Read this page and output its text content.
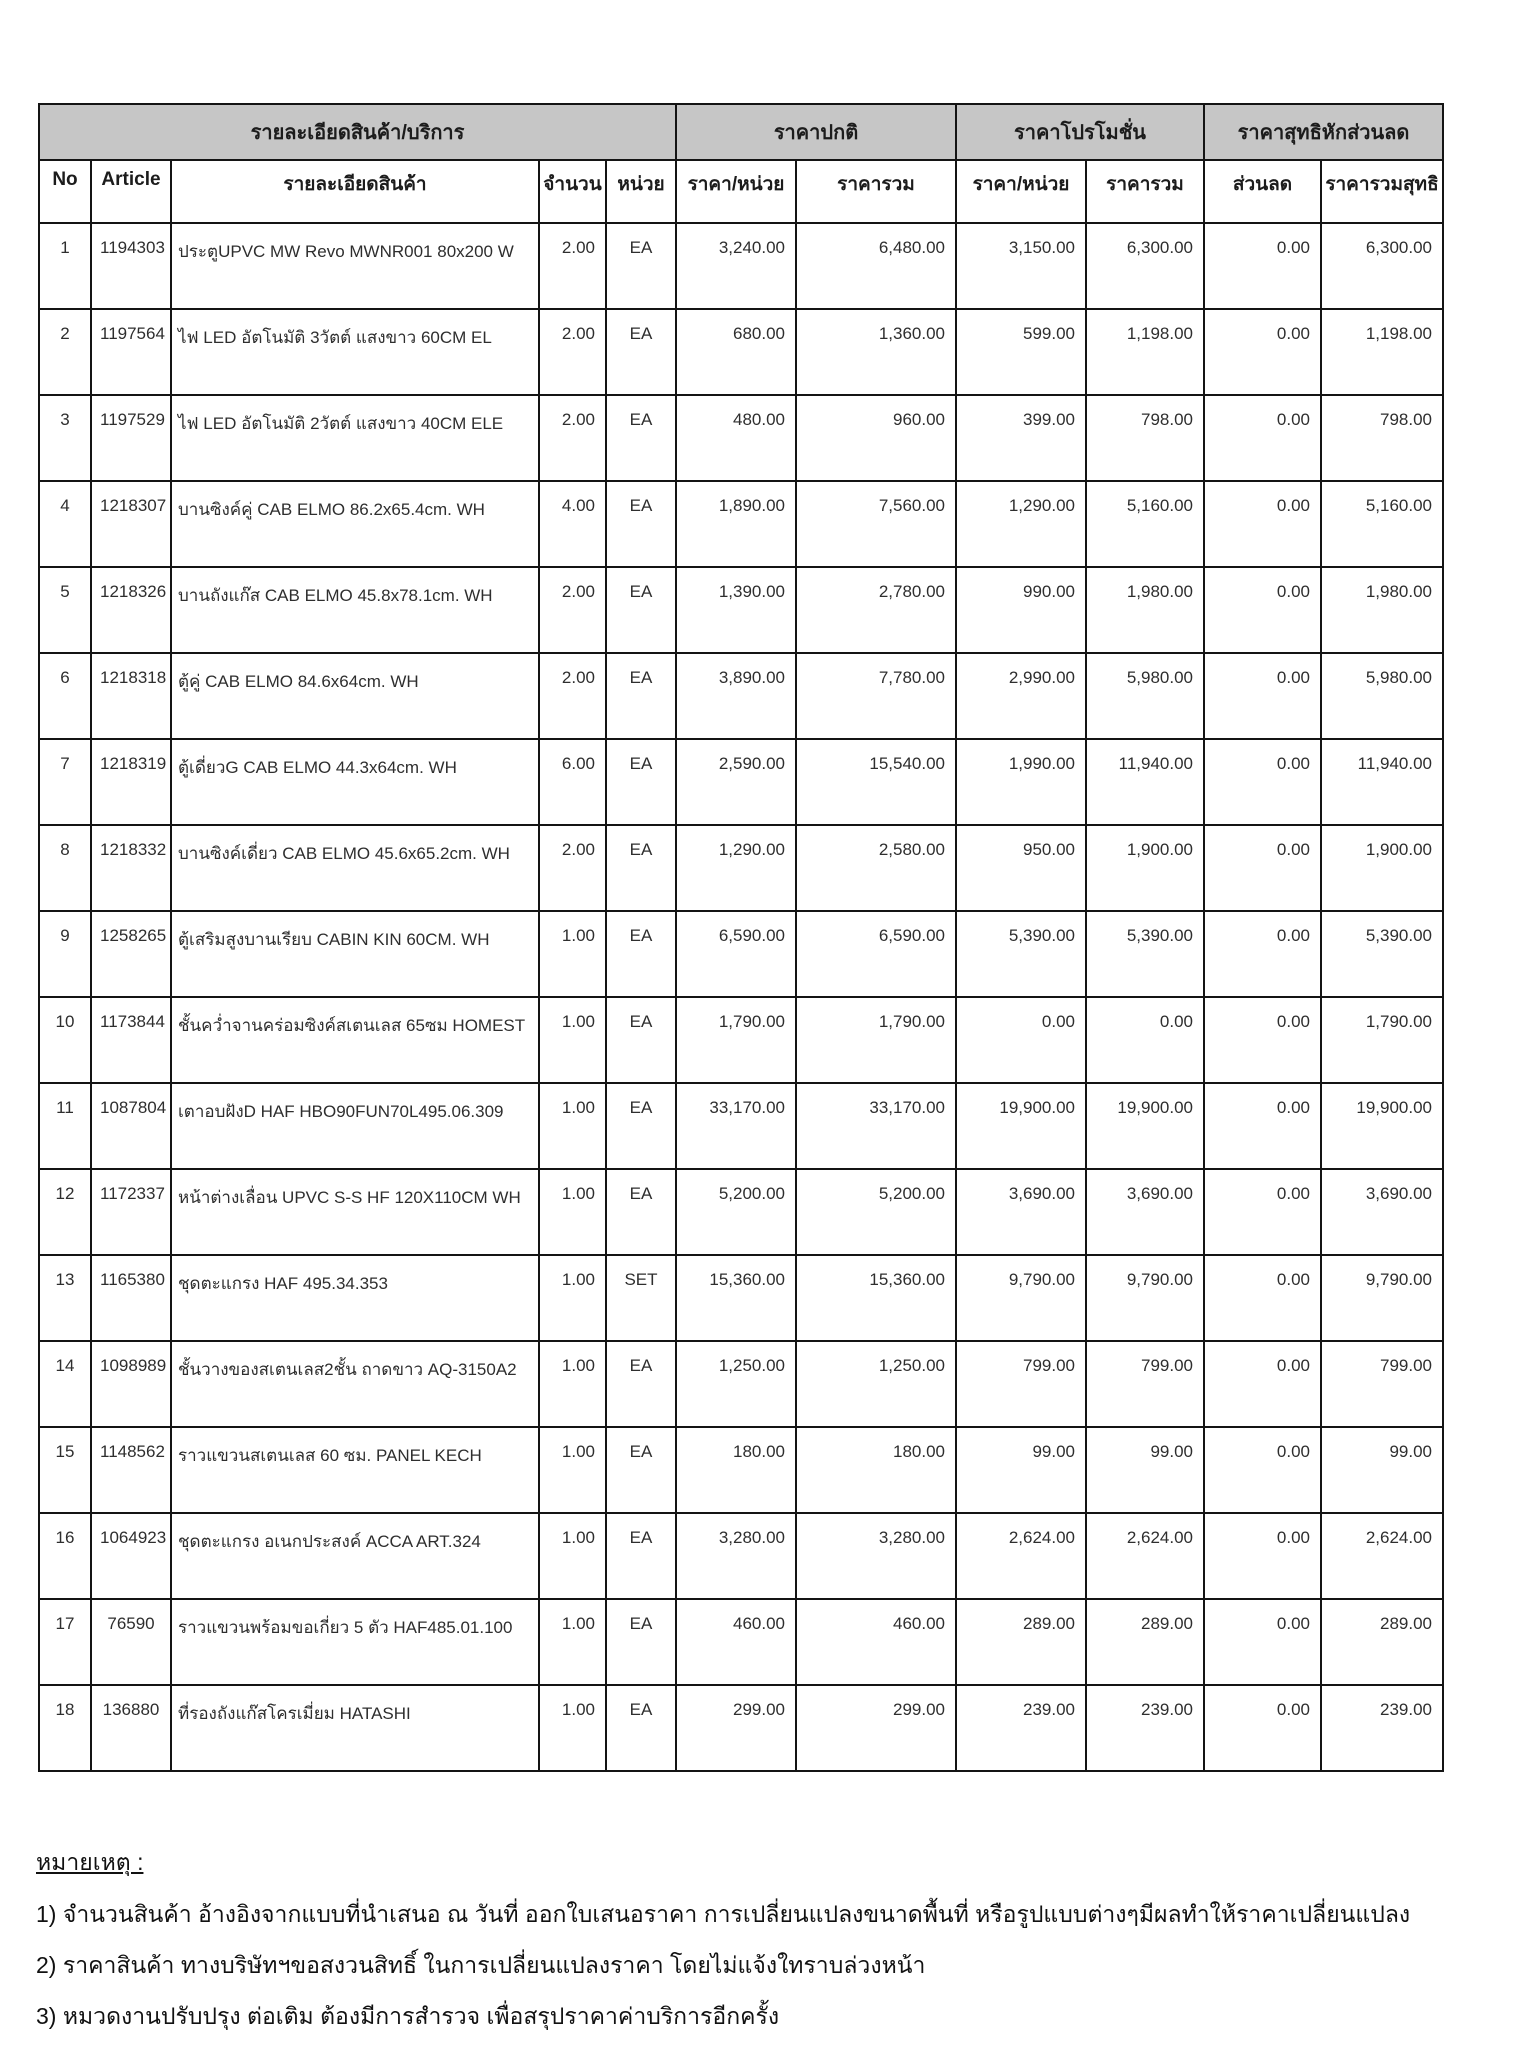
รายละเอียดสินค้า/บริการ					ราคาปกติ		ราคาโปรโมชั่น		ราคาสุทธิหักส่วนลด	
No	Article	รายละเอียดสินค้า	จำนวน	หน่วย	ราคา/หน่วย	ราคารวม	ราคา/หน่วย	ราคารวม	ส่วนลด	ราคารวมสุทธิ
1	1194303	ประตูUPVC MW Revo MWNR001 80x200 W	2.00	EA	3,240.00	6,480.00	3,150.00	6,300.00	0.00	6,300.00
2	1197564	ไฟ LED อัตโนมัติ 3วัตต์ แสงขาว 60CM EL	2.00	EA	680.00	1,360.00	599.00	1,198.00	0.00	1,198.00
3	1197529	ไฟ LED อัตโนมัติ 2วัตต์ แสงขาว 40CM ELE	2.00	EA	480.00	960.00	399.00	798.00	0.00	798.00
4	1218307	บานซิงค์คู่ CAB ELMO 86.2x65.4cm. WH	4.00	EA	1,890.00	7,560.00	1,290.00	5,160.00	0.00	5,160.00
5	1218326	บานถังแก๊ส CAB ELMO 45.8x78.1cm. WH	2.00	EA	1,390.00	2,780.00	990.00	1,980.00	0.00	1,980.00
6	1218318	ตู้คู่ CAB ELMO 84.6x64cm. WH	2.00	EA	3,890.00	7,780.00	2,990.00	5,980.00	0.00	5,980.00
7	1218319	ตู้เดี่ยวG CAB ELMO 44.3x64cm. WH	6.00	EA	2,590.00	15,540.00	1,990.00	11,940.00	0.00	11,940.00
8	1218332	บานซิงค์เดี่ยว CAB ELMO 45.6x65.2cm. WH	2.00	EA	1,290.00	2,580.00	950.00	1,900.00	0.00	1,900.00
9	1258265	ตู้เสริมสูงบานเรียบ CABIN KIN 60CM. WH	1.00	EA	6,590.00	6,590.00	5,390.00	5,390.00	0.00	5,390.00
10	1173844	ชั้นคว่ำจานคร่อมซิงค์สเตนเลส 65ซม HOMEST	1.00	EA	1,790.00	1,790.00	0.00	0.00	0.00	1,790.00
11	1087804	เตาอบฝังD HAF HBO90FUN70L495.06.309	1.00	EA	33,170.00	33,170.00	19,900.00	19,900.00	0.00	19,900.00
12	1172337	หน้าต่างเลื่อน UPVC S-S HF 120X110CM WH	1.00	EA	5,200.00	5,200.00	3,690.00	3,690.00	0.00	3,690.00
13	1165380	ชุดตะแกรง HAF 495.34.353	1.00	SET	15,360.00	15,360.00	9,790.00	9,790.00	0.00	9,790.00
14	1098989	ชั้นวางของสเตนเลส2ชั้น ถาดขาว AQ-3150A2	1.00	EA	1,250.00	1,250.00	799.00	799.00	0.00	799.00
15	1148562	ราวแขวนสเตนเลส 60 ซม. PANEL KECH	1.00	EA	180.00	180.00	99.00	99.00	0.00	99.00
16	1064923	ชุดตะแกรง อเนกประสงค์ ACCA ART.324	1.00	EA	3,280.00	3,280.00	2,624.00	2,624.00	0.00	2,624.00
17	76590	ราวแขวนพร้อมขอเกี่ยว 5 ตัว HAF485.01.100	1.00	EA	460.00	460.00	289.00	289.00	0.00	289.00
18	136880	ที่รองถังแก๊สโครเมี่ยม HATASHI	1.00	EA	299.00	299.00	239.00	239.00	0.00	239.00
หมายเหตุ :
1) จำนวนสินค้า อ้างอิงจากแบบที่นำเสนอ ณ วันที่ ออกใบเสนอราคา การเปลี่ยนแปลงขนาดพื้นที่ หรือรูปแบบต่างๆมีผลทำให้ราคาเปลี่ยนแปลง
2) ราคาสินค้า ทางบริษัทฯขอสงวนสิทธิ์ ในการเปลี่ยนแปลงราคา โดยไม่แจ้งใทราบล่วงหน้า
3) หมวดงานปรับปรุง ต่อเติม ต้องมีการสำรวจ เพื่อสรุปราคาค่าบริการอีกครั้ง
